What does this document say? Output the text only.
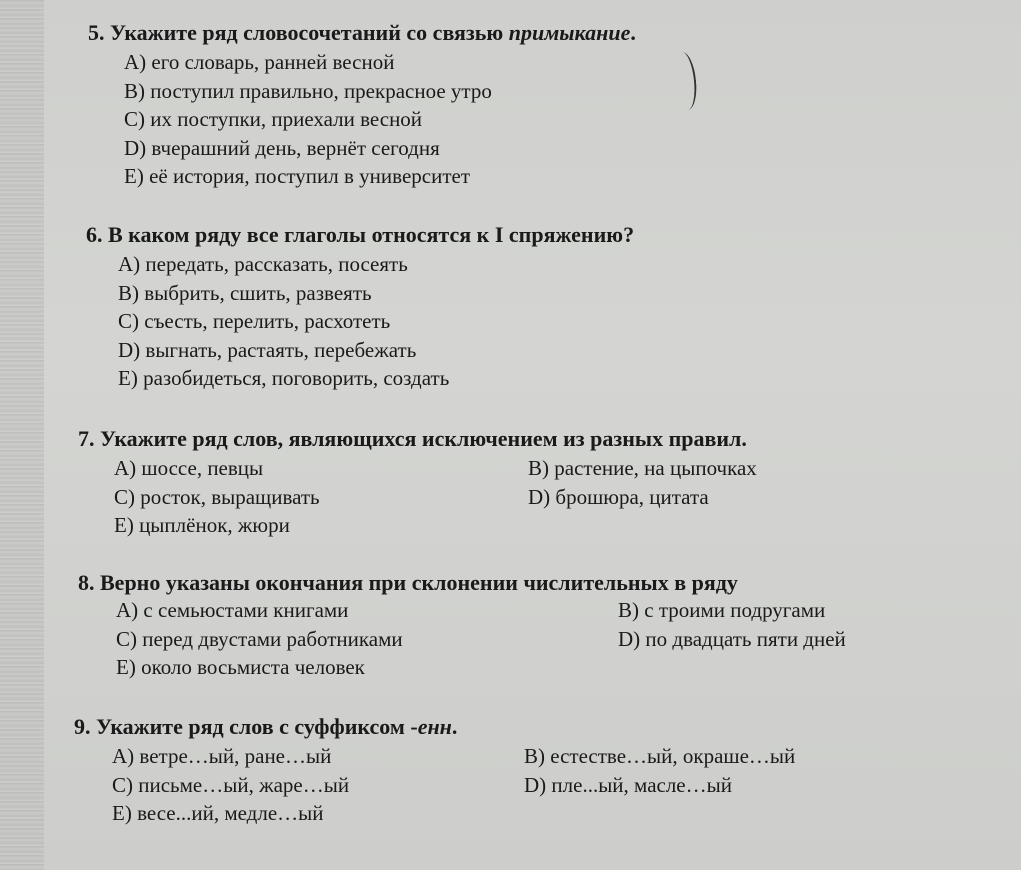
5. Укажите ряд словосочетаний со связью примыкание.
А) его словарь, ранней весной
В) поступил правильно, прекрасное утро
С) их поступки, приехали весной
D) вчерашний день, вернёт сегодня
Е) её история, поступил в университет
6. В каком ряду все глаголы относятся к I спряжению?
А) передать, рассказать, посеять
В) выбрить, сшить, развеять
С) съесть, перелить, расхотеть
D) выгнать, растаять, перебежать
Е) разобидеться, поговорить, создать
7. Укажите ряд слов, являющихся исключением из разных правил.
А) шоссе, певцы
С) росток, выращивать
Е) цыплёнок, жюри
В) растение, на цыпочках
D) брошюра, цитата
8. Верно указаны окончания при склонении числительных в ряду
А) с семьюстами книгами
С) перед двустами работниками
Е) около восьмиста человек
В) с троими подругами
D) по двадцать пяти дней
9. Укажите ряд слов с суффиксом -енн.
А) ветре…ый, ране…ый
С) письме…ый, жаре…ый
Е) весе...ий, медле…ый
В) естестве…ый, окраше…ый
D) пле...ый, масле…ый
